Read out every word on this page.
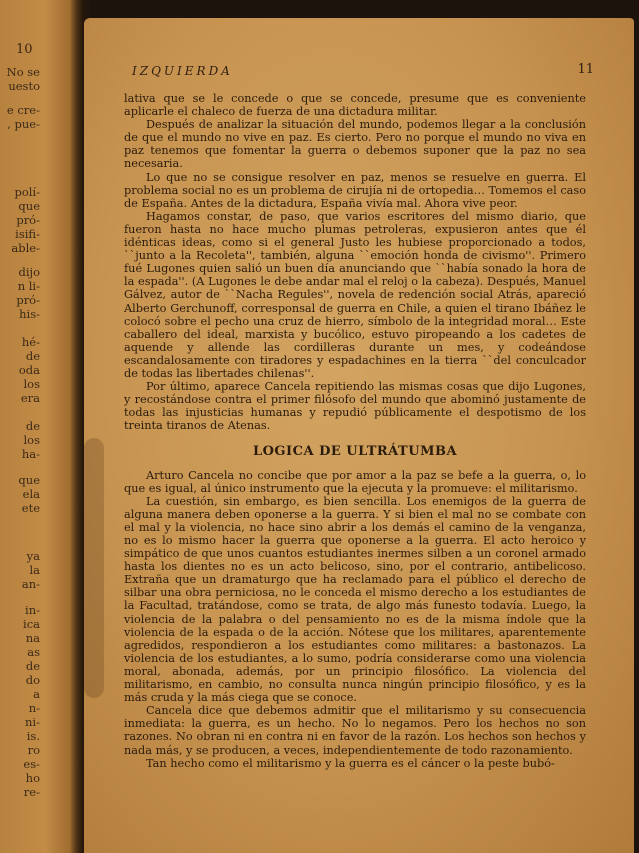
10
No se
uesto
e cre-
, pue-
polí-
que
pró-
isifi-
able-
dijo
n li-
pró-
his-
hé-
de
oda
los
era
de
los
ha-
que
ela
ete
ya
la
an-
in-
ica
na
as
de
do
a
n-
ni-
is.
ro
es-
ho
re-
IZQUIERDA	11

lativa que se le concede o que se concede, presume que es conveniente aplicarle el chaleco de fuerza de una dictadura militar.

Después de analizar la situación del mundo, podemos llegar a la conclusión de que el mundo no vive en paz. Es cierto. Pero no porque el mundo no viva en paz tenemos que fomentar la guerra o debemos suponer que la paz no sea necesaria.

Lo que no se consigue resolver en paz, menos se resuelve en guerra. El problema social no es un problema de cirujía ni de ortopedia… Tomemos el caso de España. Antes de la dictadura, España vivía mal. Ahora vive peor.

Hagamos constar, de paso, que varios escritores del mismo diario, que fueron hasta no hace mucho plumas petroleras, expusieron antes que él idénticas ideas, como si el general Justo les hubiese proporcionado a todos, ``junto a la Recoleta'', también, alguna ``emoción honda de civismo''. Primero fué Lugones quien salió un buen día anunciando que ``había sonado la hora de la espada''. (A Lugones le debe andar mal el reloj o la cabeza). Después, Manuel Gálvez, autor de ``Nacha Regules'', novela de redención social Atrás, apareció Alberto Gerchunoff, corresponsal de guerra en Chile, a quien el tirano Ibáñez le colocó sobre el pecho una cruz de hierro, símbolo de la integridad moral… Este caballero del ideal, marxista y bucólico, estuvo piropeando a los cadetes de aquende y allende las cordilleras durante un mes, y codeándose escandalosamente con tiradores y espadachines en la tierra ``del conculcador de todas las libertades chilenas''.

Por último, aparece Cancela repitiendo las mismas cosas que dijo Lugones, y recostándose contra el primer filósofo del mundo que abominó justamente de todas las injusticias humanas y repudió públicamente el despotismo de los treinta tiranos de Atenas.

LOGICA DE ULTRÁTUMBA

Arturo Cancela no concibe que por amor a la paz se befe a la guerra, o, lo que es igual, al único instrumento que la ejecuta y la promueve: el militarismo.

La cuestión, sin embargo, es bien sencilla. Los enemigos de la guerra de alguna manera deben oponerse a la guerra. Y si bien el mal no se combate con el mal y la violencia, no hace sino abrir a los demás el camino de la venganza, no es lo mismo hacer la guerra que oponerse a la guerra. El acto heroico y simpático de que unos cuantos estudiantes inermes silben a un coronel armado hasta los dientes no es un acto belicoso, sino, por el contrario, antibelicoso. Extraña que un dramaturgo que ha reclamado para el público el derecho de silbar una obra perniciosa, no le conceda el mismo derecho a los estudiantes de la Facultad, tratándose, como se trata, de algo más funesto todavía. Luego, la violencia de la palabra o del pensamiento no es de la misma índole que la violencia de la espada o de la acción. Nótese que los militares, aparentemente agredidos, respondieron a los estudiantes como militares: a bastonazos. La violencia de los estudiantes, a lo sumo, podría considerarse como una violencia moral, abonada, además, por un principio filosófico. La violencia del militarismo, en cambio, no consulta nunca ningún principio filosófico, y es la más cruda y la más ciega que se conoce.

Cancela dice que debemos admitir que el militarismo y su consecuencia inmediata: la guerra, es un hecho. No lo negamos. Pero los hechos no son razones. No obran ni en contra ni en favor de la razón. Los hechos son hechos y nada más, y se producen, a veces, independientemente de todo razonamiento.

Tan hecho como el militarismo y la guerra es el cáncer o la peste bubó-
